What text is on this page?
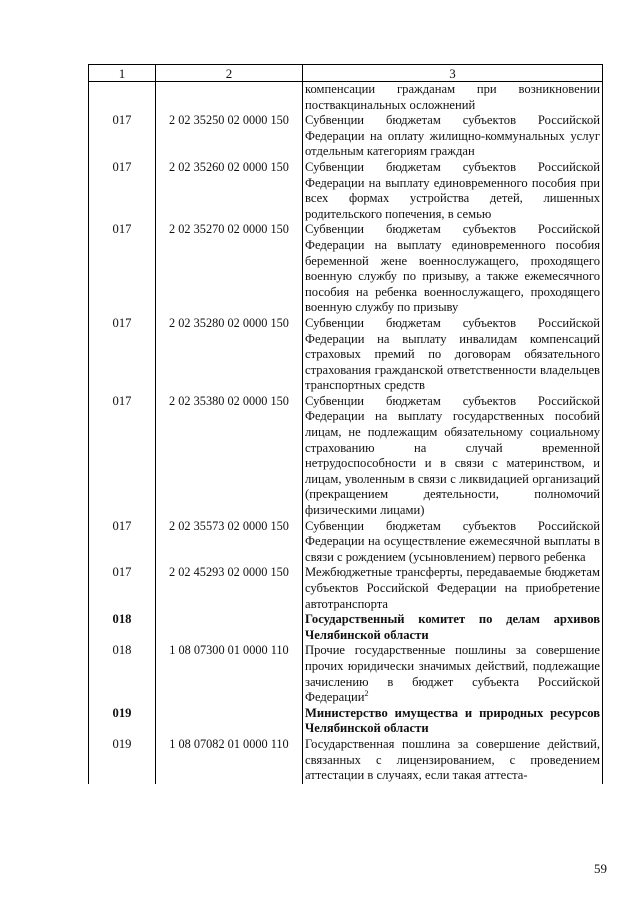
1	2	3
		компенсации гражданам при возникновении поствакцинальных осложнений
017	2 02 35250 02 0000 150	Субвенции бюджетам субъектов Российской Федерации на оплату жилищно-коммунальных услуг отдельным категориям граждан
017	2 02 35260 02 0000 150	Субвенции бюджетам субъектов Российской Федерации на выплату единовременного пособия при всех формах устройства детей, лишенных родительского попечения, в семью
017	2 02 35270 02 0000 150	Субвенции бюджетам субъектов Российской Федерации на выплату единовременного пособия беременной жене военнослужащего, проходящего военную службу по призыву, а также ежемесячного пособия на ребенка военнослужащего, проходящего военную службу по призыву
017	2 02 35280 02 0000 150	Субвенции бюджетам субъектов Российской Федерации на выплату инвалидам компенсаций страховых премий по договорам обязательного страхования гражданской ответственности владельцев транспортных средств
017	2 02 35380 02 0000 150	Субвенции бюджетам субъектов Российской Федерации на выплату государственных пособий лицам, не подлежащим обязательному социальному страхованию на случай временной нетрудоспособности и в связи с материнством, и лицам, уволенным в связи с ликвидацией организаций (прекращением деятельности, полномочий физическими лицами)
017	2 02 35573 02 0000 150	Субвенции бюджетам субъектов Российской Федерации на осуществление ежемесячной выплаты в связи с рождением (усыновлением) первого ребенка
017	2 02 45293 02 0000 150	Межбюджетные трансферты, передаваемые бюджетам субъектов Российской Федерации на приобретение автотранспорта
018		Государственный комитет по делам архивов Челябинской области
018	1 08 07300 01 0000 110	Прочие государственные пошлины за совершение прочих юридически значимых действий, подлежащие зачислению в бюджет субъекта Российской Федерации$^2$
019		Министерство имущества и природных ресурсов Челябинской области
019	1 08 07082 01 0000 110	Государственная пошлина за совершение действий, связанных с лицензированием, с проведением аттестации в случаях, если такая аттеста-
59
